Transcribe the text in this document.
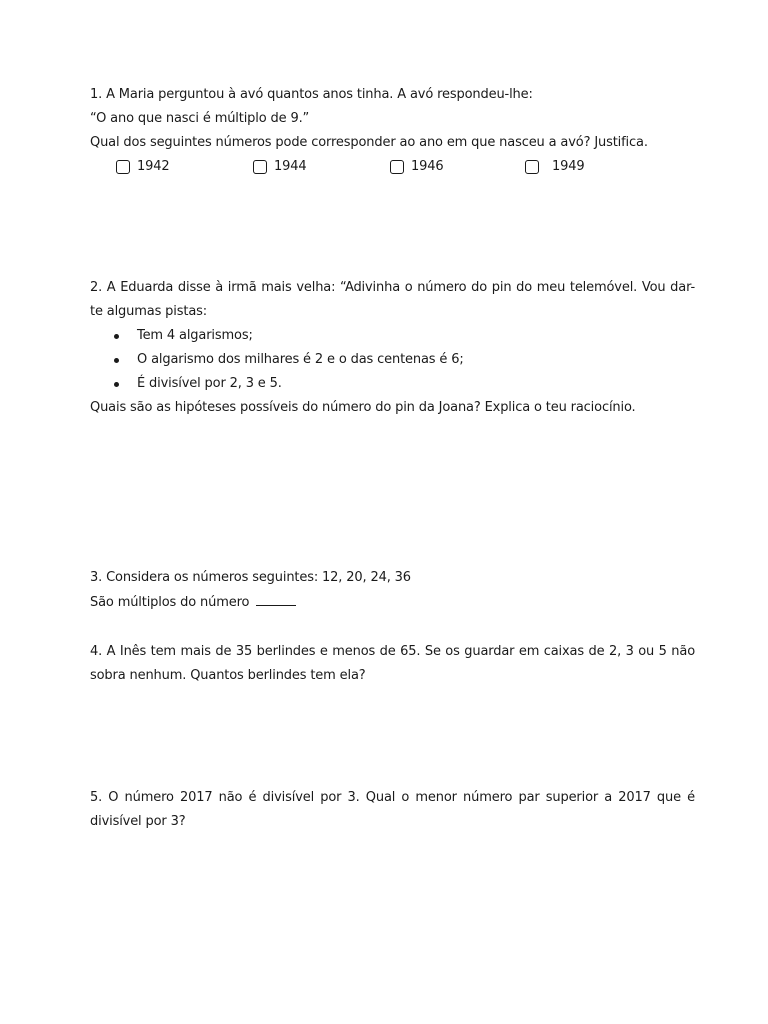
1. A Maria perguntou à avó quantos anos tinha. A avó respondeu-lhe:
“O ano que nasci é múltiplo de 9.”
Qual dos seguintes números pode corresponder ao ano em que nasceu a avó? Justifica.
1942	1944	1946	1949
2. A Eduarda disse à irmã mais velha: “Adivinha o número do pin do meu telemóvel. Vou dar-te algumas pistas:
Tem 4 algarismos;
O algarismo dos milhares é 2 e o das centenas é 6;
É divisível por 2, 3 e 5.
Quais são as hipóteses possíveis do número do pin da Joana? Explica o teu raciocínio.
3. Considera os números seguintes: 12, 20, 24, 36
São múltiplos do número
4. A Inês tem mais de 35 berlindes e menos de 65. Se os guardar em caixas de 2, 3 ou 5 não sobra nenhum. Quantos berlindes tem ela?
5. O número 2017 não é divisível por 3. Qual o menor número par superior a 2017 que é divisível por 3?
